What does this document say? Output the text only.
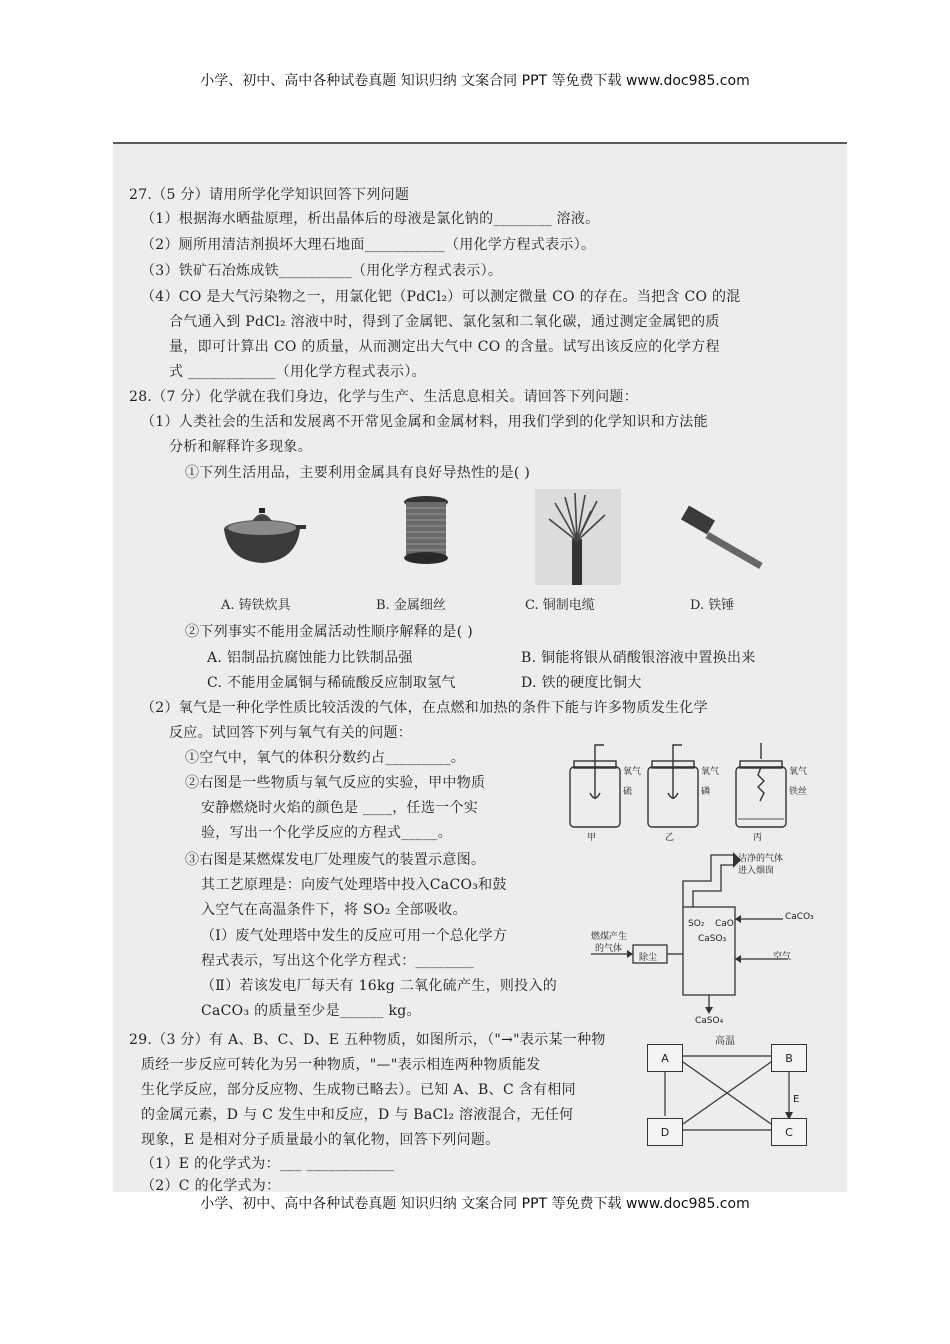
小学、初中、高中各种试卷真题 知识归纳 文案合同 PPT 等免费下载 www.doc985.com
27.（5 分）请用所学化学知识回答下列问题
（1）根据海水晒盐原理，析出晶体后的母液是氯化钠的________ 溶液。
（2）厕所用清洁剂损坏大理石地面___________（用化学方程式表示）。
（3）铁矿石冶炼成铁__________（用化学方程式表示）。
（4）CO 是大气污染物之一，用氯化钯（PdCl₂）可以测定微量 CO 的存在。当把含 CO 的混
合气通入到 PdCl₂ 溶液中时，得到了金属钯、氯化氢和二氧化碳，通过测定金属钯的质
量，即可计算出 CO 的质量，从而测定出大气中 CO 的含量。试写出该反应的化学方程
式 ____________（用化学方程式表示）。
28.（7 分）化学就在我们身边，化学与生产、生活息息相关。请回答下列问题：
（1）人类社会的生活和发展离不开常见金属和金属材料，用我们学到的化学知识和方法能
分析和解释许多现象。
①下列生活用品，主要利用金属具有良好导热性的是( )
A. 铸铁炊具	B. 金属细丝	C. 铜制电缆	D. 铁锤
②下列事实不能用金属活动性顺序解释的是( )
A. 铝制品抗腐蚀能力比铁制品强	B. 铜能将银从硝酸银溶液中置换出来
C. 不能用金属铜与稀硫酸反应制取氢气	D. 铁的硬度比铜大
（2）氧气是一种化学性质比较活泼的气体，在点燃和加热的条件下能与许多物质发生化学
反应。试回答下列与氧气有关的问题：
①空气中，氧气的体积分数约占_________。
②右图是一些物质与氧气反应的实验，甲中物质
安静燃烧时火焰的颜色是 ____，任选一个实
验，写出一个化学反应的方程式_____。
③右图是某燃煤发电厂处理废气的装置示意图。
其工艺原理是：向废气处理塔中投入CaCO₃和鼓
入空气在高温条件下，将 SO₂ 全部吸收。
（Ⅰ）废气处理塔中发生的反应可用一个总化学方
程式表示，写出这个化学方程式：________
（Ⅱ）若该发电厂每天有 16kg 二氧化硫产生，则投入的
CaCO₃ 的质量至少是______ kg。
氧气
硫
氧气
磷
氧气
铁丝
甲	乙	丙
洁净的气体
进入烟囱
CaCO₃
SO₂ CaO
CaSO₃
燃煤产生
的气体
除尘	空气
CaSO₄
29.（3 分）有 A、B、C、D、E 五种物质，如图所示，（"→"表示某一种物
质经一步反应可转化为另一种物质，"—"表示相连两种物质能发
生化学反应，部分反应物、生成物已略去）。已知 A、B、C 含有相同
的金属元素，D 与 C 发生中和反应，D 与 BaCl₂ 溶液混合，无任何
现象，E 是相对分子质量最小的氧化物，回答下列问题。
（1）E 的化学式为：___ ____________
（2）C 的化学式为：
A	B
D	C
高温
E
小学、初中、高中各种试卷真题 知识归纳 文案合同 PPT 等免费下载 www.doc985.com
